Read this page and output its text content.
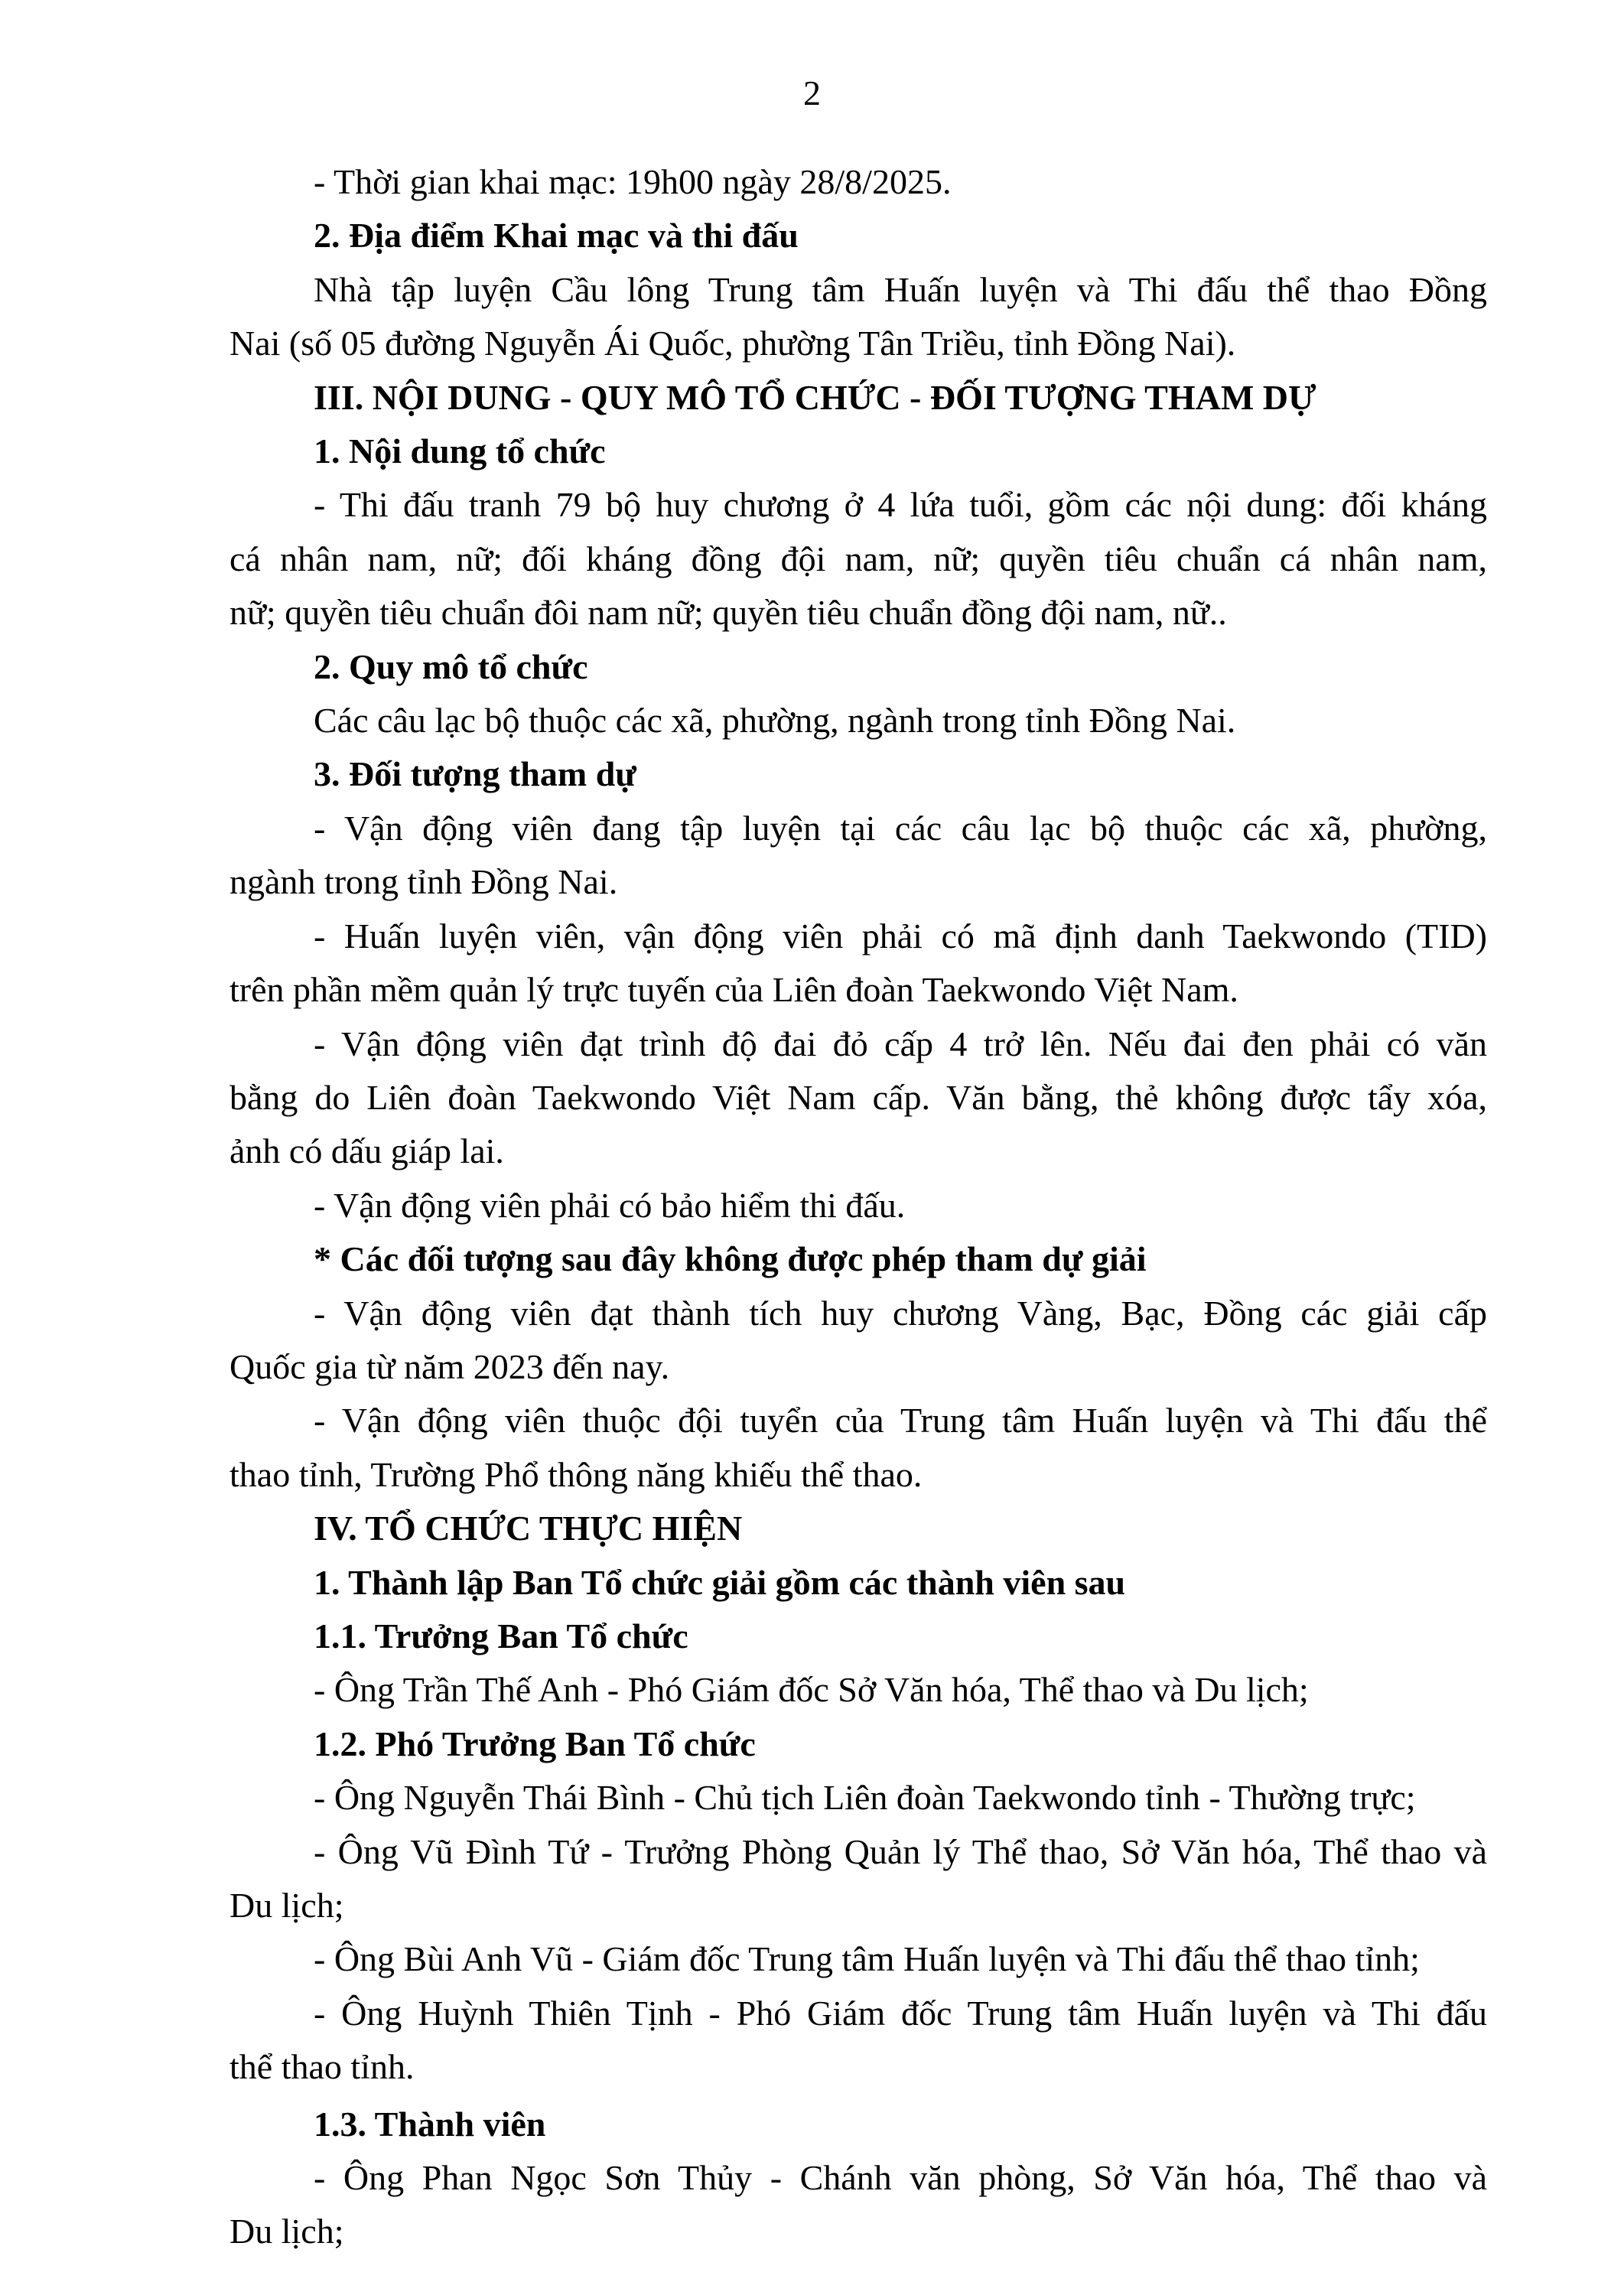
2

- Thời gian khai mạc: 19h00 ngày 28/8/2025.

2. Địa điểm Khai mạc và thi đấu

Nhà tập luyện Cầu lông Trung tâm Huấn luyện và Thi đấu thể thao Đồng

Nai (số 05 đường Nguyễn Ái Quốc, phường Tân Triều, tỉnh Đồng Nai).

III. NỘI DUNG - QUY MÔ TỔ CHỨC - ĐỐI TƯỢNG THAM DỰ

1. Nội dung tổ chức

- Thi đấu tranh 79 bộ huy chương ở 4 lứa tuổi, gồm các nội dung: đối kháng

cá nhân nam, nữ; đối kháng đồng đội nam, nữ; quyền tiêu chuẩn cá nhân nam,

nữ; quyền tiêu chuẩn đôi nam nữ; quyền tiêu chuẩn đồng đội nam, nữ..

2. Quy mô tổ chức

Các câu lạc bộ thuộc các xã, phường, ngành trong tỉnh Đồng Nai.

3. Đối tượng tham dự

- Vận động viên đang tập luyện tại các câu lạc bộ thuộc các xã, phường,

ngành trong tỉnh Đồng Nai.

- Huấn luyện viên, vận động viên phải có mã định danh Taekwondo (TID)

trên phần mềm quản lý trực tuyến của Liên đoàn Taekwondo Việt Nam.

- Vận động viên đạt trình độ đai đỏ cấp 4 trở lên. Nếu đai đen phải có văn

bằng do Liên đoàn Taekwondo Việt Nam cấp. Văn bằng, thẻ không được tẩy xóa,

ảnh có dấu giáp lai.

- Vận động viên phải có bảo hiểm thi đấu.

* Các đối tượng sau đây không được phép tham dự giải

- Vận động viên đạt thành tích huy chương Vàng, Bạc, Đồng các giải cấp

Quốc gia từ năm 2023 đến nay.

- Vận động viên thuộc đội tuyển của Trung tâm Huấn luyện và Thi đấu thể

thao tỉnh, Trường Phổ thông năng khiếu thể thao.

IV. TỔ CHỨC THỰC HIỆN

1. Thành lập Ban Tổ chức giải gồm các thành viên sau

1.1. Trưởng Ban Tổ chức

- Ông Trần Thế Anh - Phó Giám đốc Sở Văn hóa, Thể thao và Du lịch;

1.2. Phó Trưởng Ban Tổ chức

- Ông Nguyễn Thái Bình - Chủ tịch Liên đoàn Taekwondo tỉnh - Thường trực;

- Ông Vũ Đình Tứ - Trưởng Phòng Quản lý Thể thao, Sở Văn hóa, Thể thao và

Du lịch;

- Ông Bùi Anh Vũ - Giám đốc Trung tâm Huấn luyện và Thi đấu thể thao tỉnh;

- Ông Huỳnh Thiên Tịnh - Phó Giám đốc Trung tâm Huấn luyện và Thi đấu

thể thao tỉnh.

1.3. Thành viên

- Ông Phan Ngọc Sơn Thủy - Chánh văn phòng, Sở Văn hóa, Thể thao và

Du lịch;
